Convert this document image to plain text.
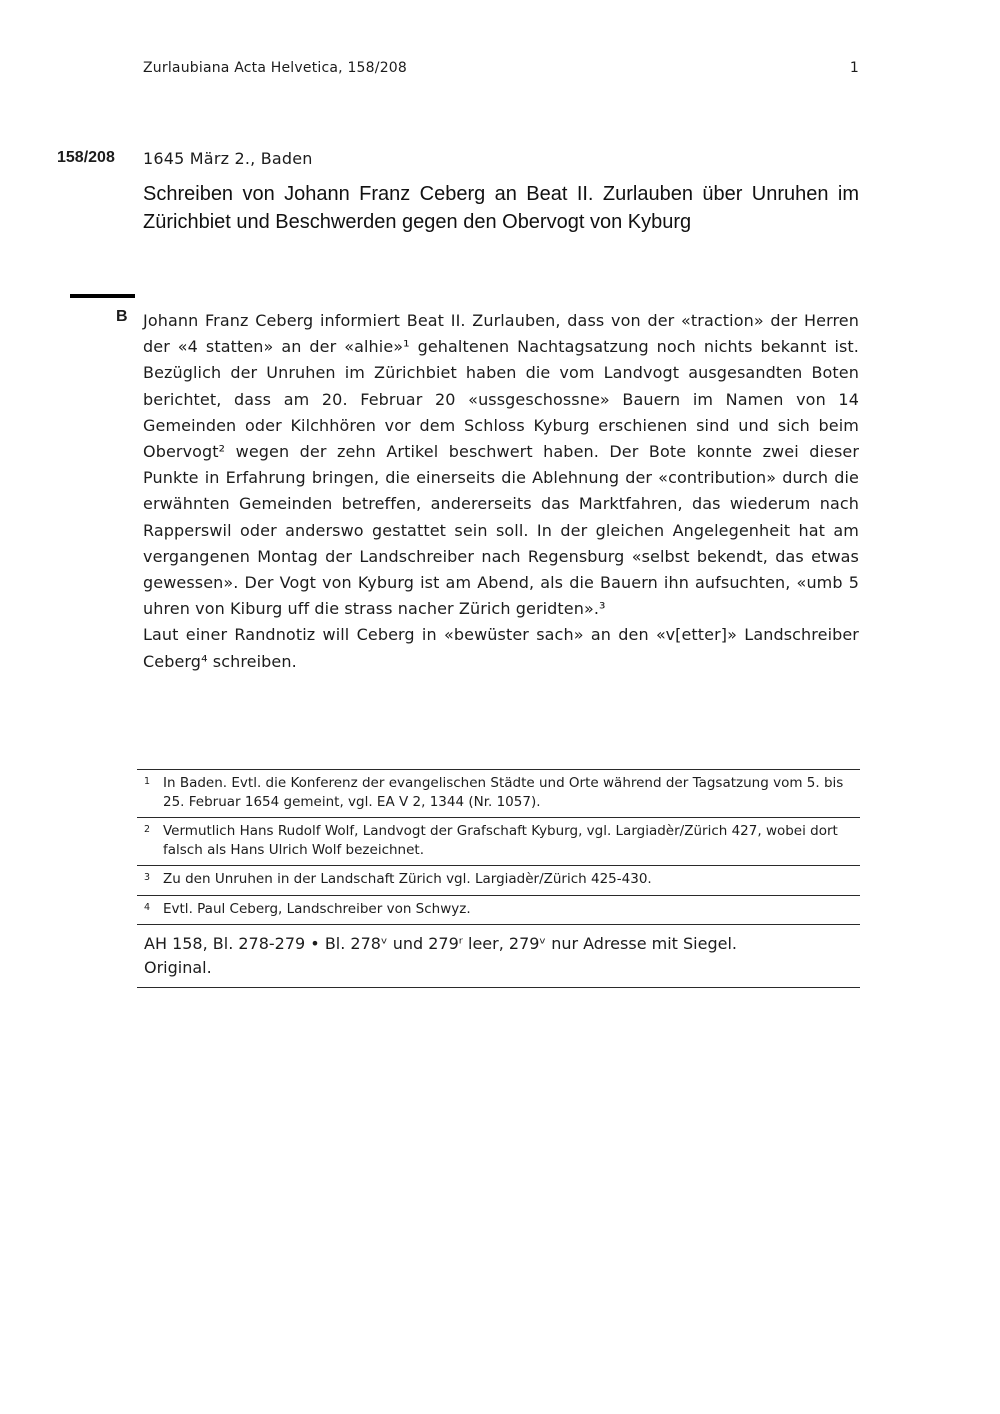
Zurlaubiana Acta Helvetica, 158/208	1
158/208 1645 März 2., Baden
Schreiben von Johann Franz Ceberg an Beat II. Zurlauben über Unruhen im Zürichbiet und Beschwerden gegen den Obervogt von Kyburg
B Johann Franz Ceberg informiert Beat II. Zurlauben, dass von der «traction» der Herren der «4 statten» an der «alhie»¹ gehaltenen Nachtagsatzung noch nichts bekannt ist. Bezüglich der Unruhen im Zürichbiet haben die vom Landvogt ausgesandten Boten berichtet, dass am 20. Februar 20 «ussgeschossne» Bauern im Namen von 14 Gemeinden oder Kilchhören vor dem Schloss Kyburg erschienen sind und sich beim Obervogt² wegen der zehn Artikel beschwert haben. Der Bote konnte zwei dieser Punkte in Erfahrung bringen, die einerseits die Ablehnung der «contribution» durch die erwähnten Gemeinden betreffen, andererseits das Marktfahren, das wiederum nach Rapperswil oder anderswo gestattet sein soll. In der gleichen Angelegenheit hat am vergangenen Montag der Landschreiber nach Regensburg «selbst bekendt, das etwas gewessen». Der Vogt von Kyburg ist am Abend, als die Bauern ihn aufsuchten, «umb 5 uhren von Kiburg uff die strass nacher Zürich geridten».³

Laut einer Randnotiz will Ceberg in «bewüster sach» an den «v[etter]» Landschreiber Ceberg⁴ schreiben.

1 In Baden. Evtl. die Konferenz der evangelischen Städte und Orte während der Tagsatzung vom 5. bis 25. Februar 1654 gemeint, vgl. EA V 2, 1344 (Nr. 1057).
2 Vermutlich Hans Rudolf Wolf, Landvogt der Grafschaft Kyburg, vgl. Largiadèr/Zürich 427, wobei dort falsch als Hans Ulrich Wolf bezeichnet.
3 Zu den Unruhen in der Landschaft Zürich vgl. Largiadèr/Zürich 425-430.
4 Evtl. Paul Ceberg, Landschreiber von Schwyz.

AH 158, Bl. 278-279 • Bl. 278ᵛ und 279ʳ leer, 279ᵛ nur Adresse mit Siegel.

Original.
